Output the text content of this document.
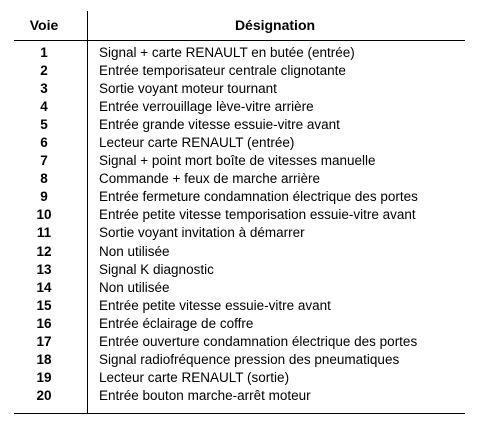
Voie	Désignation
1	Signal + carte RENAULT en butée (entrée)
2	Entrée temporisateur centrale clignotante
3	Sortie voyant moteur tournant
4	Entrée verrouillage lève-vitre arrière
5	Entrée grande vitesse essuie-vitre avant
6	Lecteur carte RENAULT (entrée)
7	Signal + point mort boîte de vitesses manuelle
8	Commande + feux de marche arrière
9	Entrée fermeture condamnation électrique des portes
10	Entrée petite vitesse temporisation essuie-vitre avant
11	Sortie voyant invitation à démarrer
12	Non utilisée
13	Signal K diagnostic
14	Non utilisée
15	Entrée petite vitesse essuie-vitre avant
16	Entrée éclairage de coffre
17	Entrée ouverture condamnation électrique des portes
18	Signal radiofréquence pression des pneumatiques
19	Lecteur carte RENAULT (sortie)
20	Entrée bouton marche-arrêt moteur
